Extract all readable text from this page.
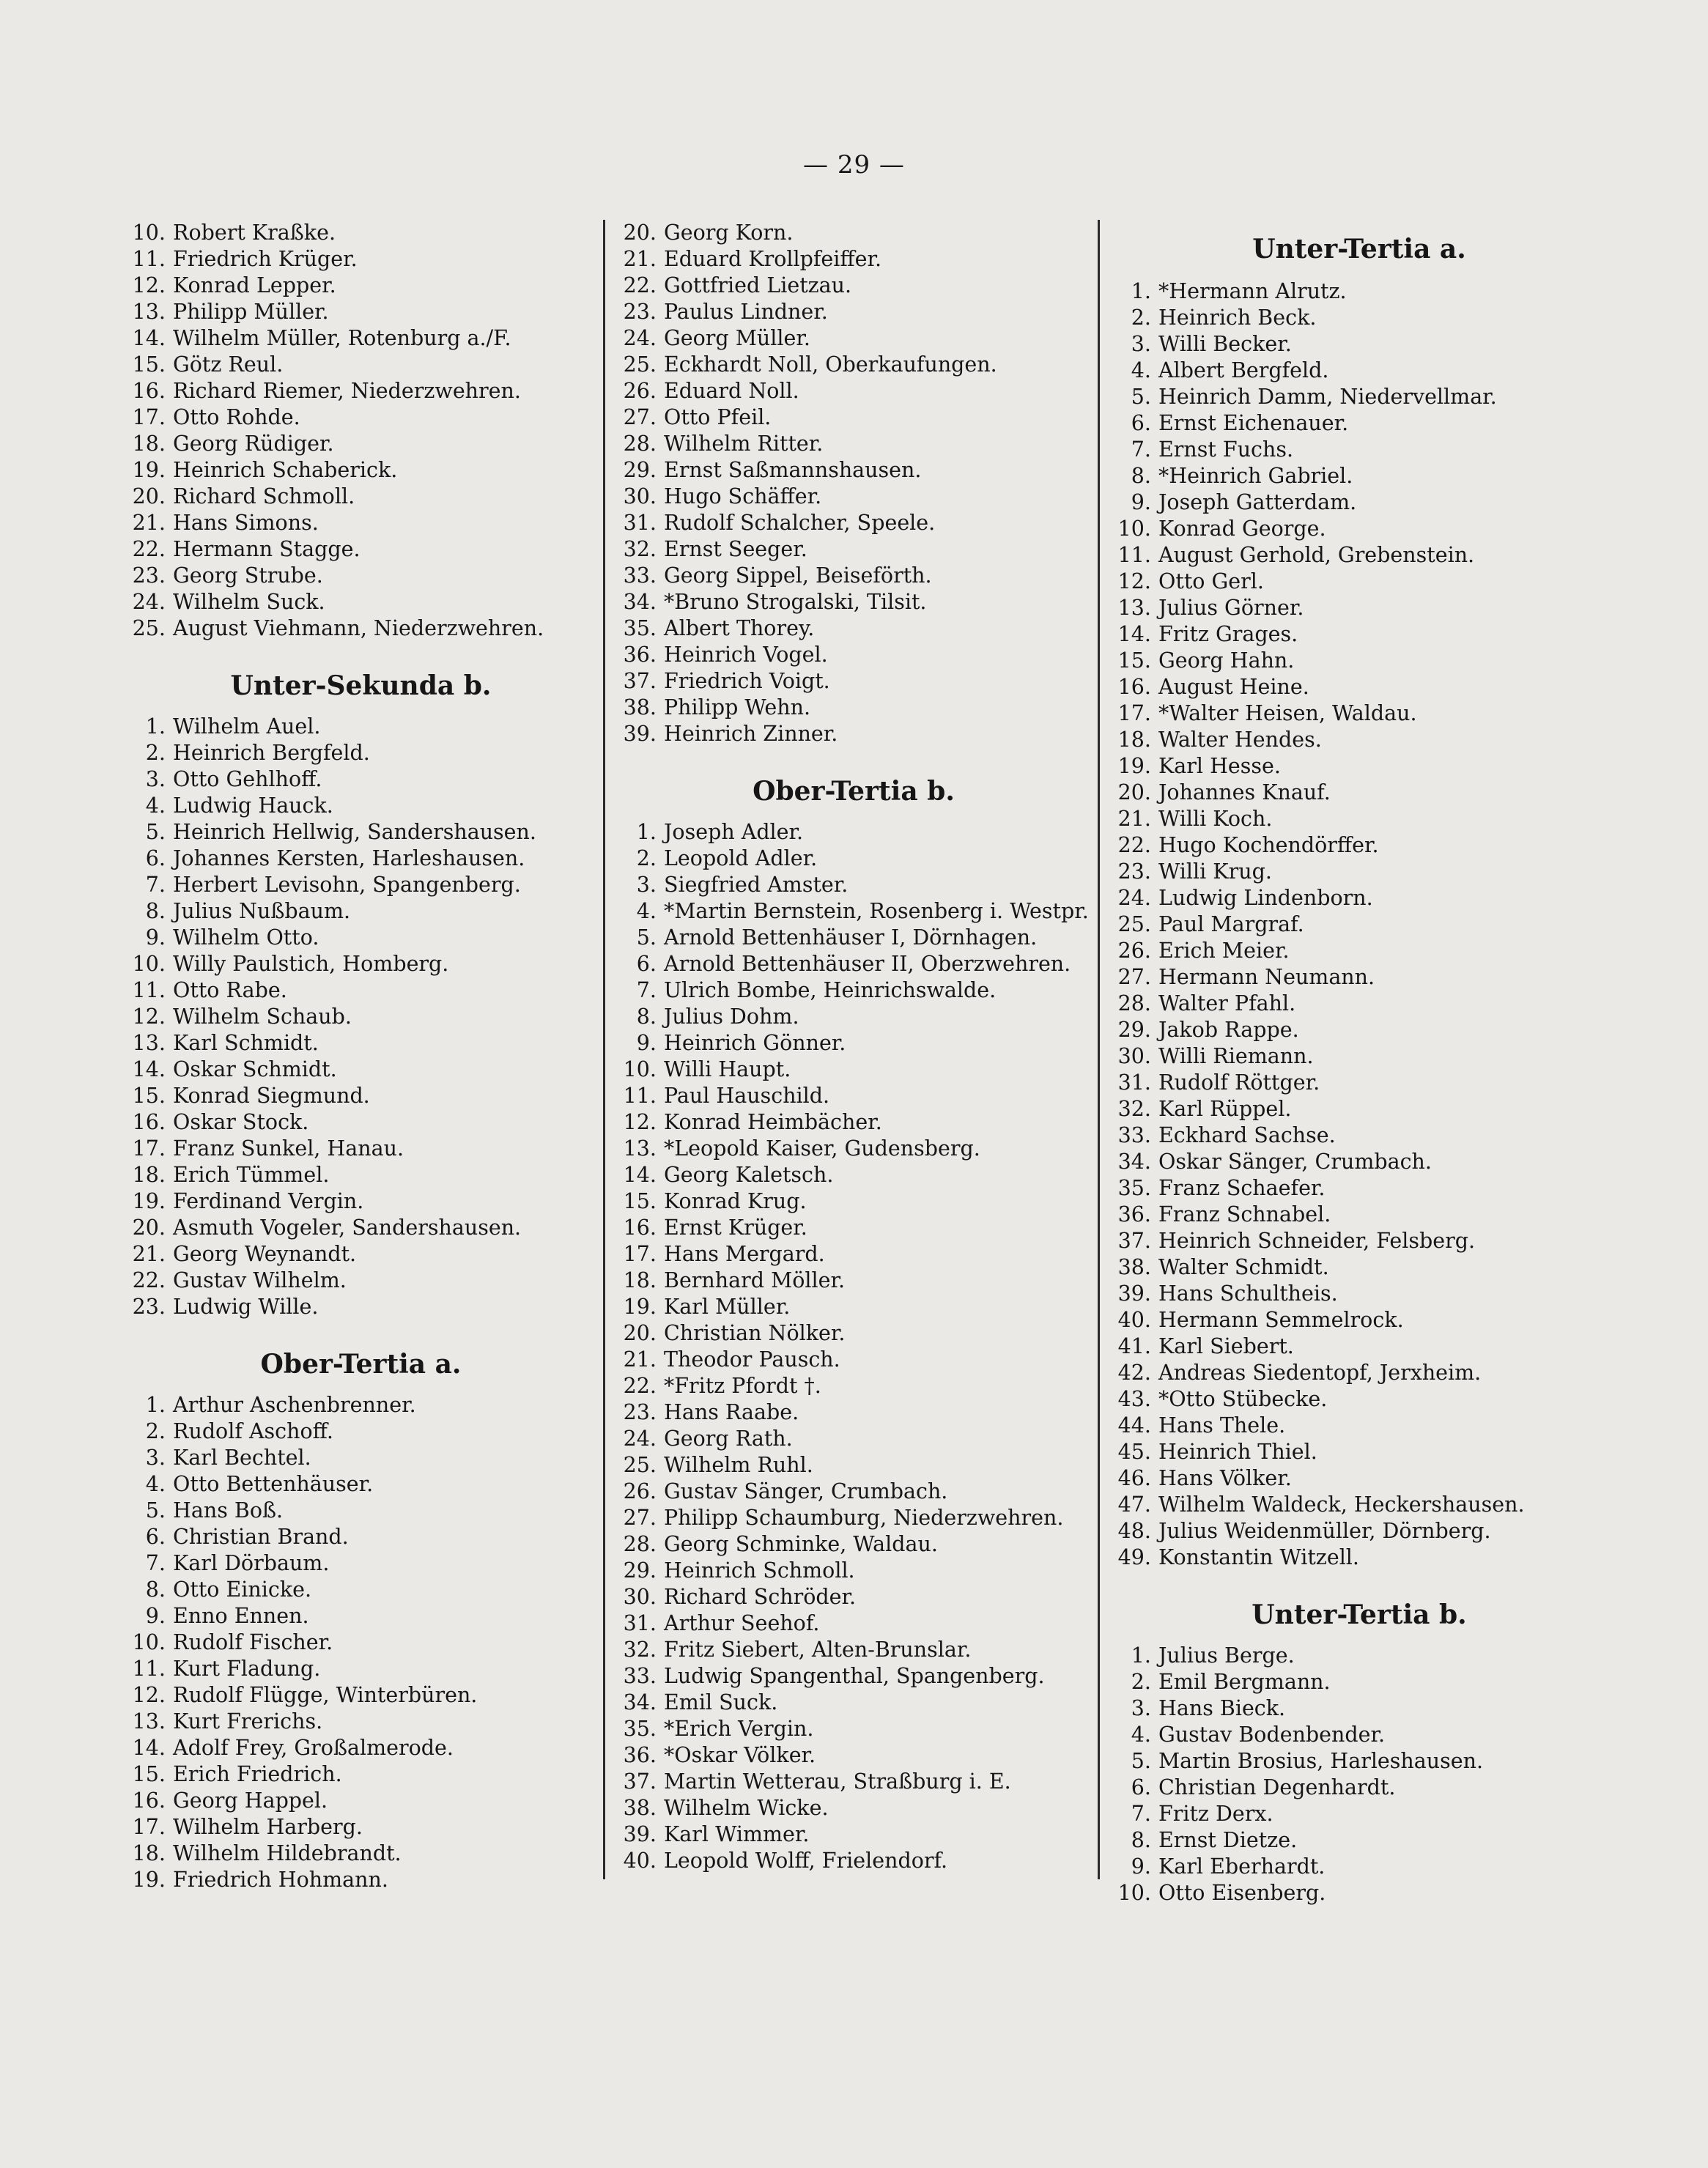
— 29 —
10. Robert Kraßke.
11. Friedrich Krüger.
12. Konrad Lepper.
13. Philipp Müller.
14. Wilhelm Müller, Rotenburg a./F.
15. Götz Reul.
16. Richard Riemer, Niederzwehren.
17. Otto Rohde.
18. Georg Rüdiger.
19. Heinrich Schaberick.
20. Richard Schmoll.
21. Hans Simons.
22. Hermann Stagge.
23. Georg Strube.
24. Wilhelm Suck.
25. August Viehmann, Niederzwehren.
Unter-Sekunda b.
1. Wilhelm Auel.
2. Heinrich Bergfeld.
3. Otto Gehlhoff.
4. Ludwig Hauck.
5. Heinrich Hellwig, Sandershausen.
6. Johannes Kersten, Harleshausen.
7. Herbert Levisohn, Spangenberg.
8. Julius Nußbaum.
9. Wilhelm Otto.
10. Willy Paulstich, Homberg.
11. Otto Rabe.
12. Wilhelm Schaub.
13. Karl Schmidt.
14. Oskar Schmidt.
15. Konrad Siegmund.
16. Oskar Stock.
17. Franz Sunkel, Hanau.
18. Erich Tümmel.
19. Ferdinand Vergin.
20. Asmuth Vogeler, Sandershausen.
21. Georg Weynandt.
22. Gustav Wilhelm.
23. Ludwig Wille.
Ober-Tertia a.
1. Arthur Aschenbrenner.
2. Rudolf Aschoff.
3. Karl Bechtel.
4. Otto Bettenhäuser.
5. Hans Boß.
6. Christian Brand.
7. Karl Dörbaum.
8. Otto Einicke.
9. Enno Ennen.
10. Rudolf Fischer.
11. Kurt Fladung.
12. Rudolf Flügge, Winterbüren.
13. Kurt Frerichs.
14. Adolf Frey, Großalmerode.
15. Erich Friedrich.
16. Georg Happel.
17. Wilhelm Harberg.
18. Wilhelm Hildebrandt.
19. Friedrich Hohmann.
20. Georg Korn.
21. Eduard Krollpfeiffer.
22. Gottfried Lietzau.
23. Paulus Lindner.
24. Georg Müller.
25. Eckhardt Noll, Oberkaufungen.
26. Eduard Noll.
27. Otto Pfeil.
28. Wilhelm Ritter.
29. Ernst Saßmannshausen.
30. Hugo Schäffer.
31. Rudolf Schalcher, Speele.
32. Ernst Seeger.
33. Georg Sippel, Beiseförth.
34. *Bruno Strogalski, Tilsit.
35. Albert Thorey.
36. Heinrich Vogel.
37. Friedrich Voigt.
38. Philipp Wehn.
39. Heinrich Zinner.
Ober-Tertia b.
1. Joseph Adler.
2. Leopold Adler.
3. Siegfried Amster.
4. *Martin Bernstein, Rosenberg i. Westpr.
5. Arnold Bettenhäuser I, Dörnhagen.
6. Arnold Bettenhäuser II, Oberzwehren.
7. Ulrich Bombe, Heinrichswalde.
8. Julius Dohm.
9. Heinrich Gönner.
10. Willi Haupt.
11. Paul Hauschild.
12. Konrad Heimbächer.
13. *Leopold Kaiser, Gudensberg.
14. Georg Kaletsch.
15. Konrad Krug.
16. Ernst Krüger.
17. Hans Mergard.
18. Bernhard Möller.
19. Karl Müller.
20. Christian Nölker.
21. Theodor Pausch.
22. *Fritz Pfordt †.
23. Hans Raabe.
24. Georg Rath.
25. Wilhelm Ruhl.
26. Gustav Sänger, Crumbach.
27. Philipp Schaumburg, Niederzwehren.
28. Georg Schminke, Waldau.
29. Heinrich Schmoll.
30. Richard Schröder.
31. Arthur Seehof.
32. Fritz Siebert, Alten-Brunslar.
33. Ludwig Spangenthal, Spangenberg.
34. Emil Suck.
35. *Erich Vergin.
36. *Oskar Völker.
37. Martin Wetterau, Straßburg i. E.
38. Wilhelm Wicke.
39. Karl Wimmer.
40. Leopold Wolff, Frielendorf.
Unter-Tertia a.
1. *Hermann Alrutz.
2. Heinrich Beck.
3. Willi Becker.
4. Albert Bergfeld.
5. Heinrich Damm, Niedervellmar.
6. Ernst Eichenauer.
7. Ernst Fuchs.
8. *Heinrich Gabriel.
9. Joseph Gatterdam.
10. Konrad George.
11. August Gerhold, Grebenstein.
12. Otto Gerl.
13. Julius Görner.
14. Fritz Grages.
15. Georg Hahn.
16. August Heine.
17. *Walter Heisen, Waldau.
18. Walter Hendes.
19. Karl Hesse.
20. Johannes Knauf.
21. Willi Koch.
22. Hugo Kochendörffer.
23. Willi Krug.
24. Ludwig Lindenborn.
25. Paul Margraf.
26. Erich Meier.
27. Hermann Neumann.
28. Walter Pfahl.
29. Jakob Rappe.
30. Willi Riemann.
31. Rudolf Röttger.
32. Karl Rüppel.
33. Eckhard Sachse.
34. Oskar Sänger, Crumbach.
35. Franz Schaefer.
36. Franz Schnabel.
37. Heinrich Schneider, Felsberg.
38. Walter Schmidt.
39. Hans Schultheis.
40. Hermann Semmelrock.
41. Karl Siebert.
42. Andreas Siedentopf, Jerxheim.
43. *Otto Stübecke.
44. Hans Thele.
45. Heinrich Thiel.
46. Hans Völker.
47. Wilhelm Waldeck, Heckershausen.
48. Julius Weidenmüller, Dörnberg.
49. Konstantin Witzell.
Unter-Tertia b.
1. Julius Berge.
2. Emil Bergmann.
3. Hans Bieck.
4. Gustav Bodenbender.
5. Martin Brosius, Harleshausen.
6. Christian Degenhardt.
7. Fritz Derx.
8. Ernst Dietze.
9. Karl Eberhardt.
10. Otto Eisenberg.
